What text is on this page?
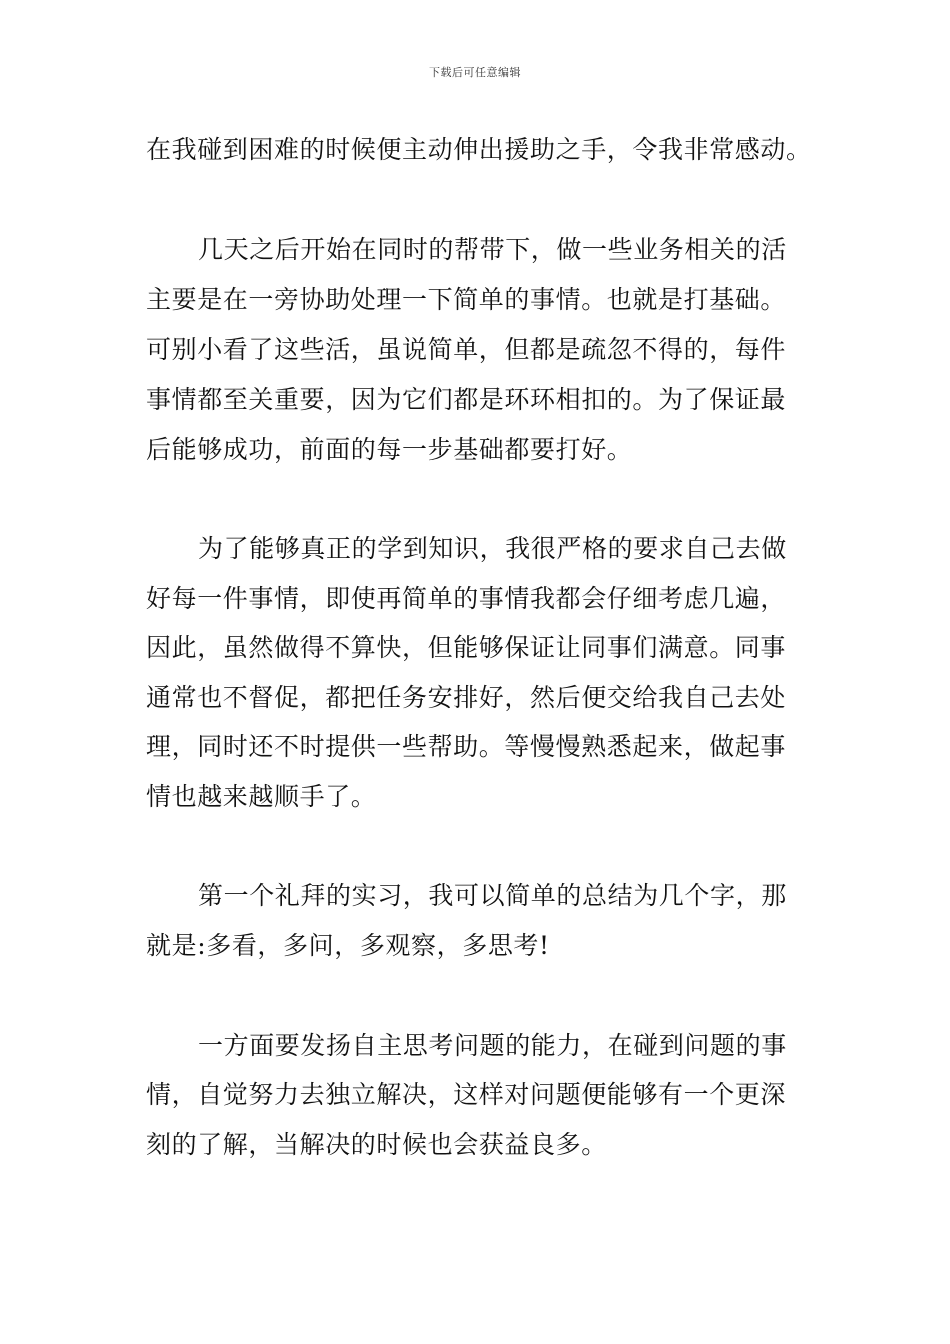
下载后可任意编辑
在我碰到困难的时候便主动伸出援助之手，令我非常感动。
几天之后开始在同时的帮带下，做一些业务相关的活
主要是在一旁协助处理一下简单的事情。也就是打基础。
可别小看了这些活，虽说简单，但都是疏忽不得的，每件
事情都至关重要，因为它们都是环环相扣的。为了保证最
后能够成功，前面的每一步基础都要打好。
为了能够真正的学到知识，我很严格的要求自己去做
好每一件事情，即使再简单的事情我都会仔细考虑几遍，
因此，虽然做得不算快，但能够保证让同事们满意。同事
通常也不督促，都把任务安排好，然后便交给我自己去处
理，同时还不时提供一些帮助。等慢慢熟悉起来，做起事
情也越来越顺手了。
第一个礼拜的实习，我可以简单的总结为几个字，那
就是:多看，多问，多观察，多思考!
一方面要发扬自主思考问题的能力，在碰到问题的事
情，自觉努力去独立解决，这样对问题便能够有一个更深
刻的了解，当解决的时候也会获益良多。
